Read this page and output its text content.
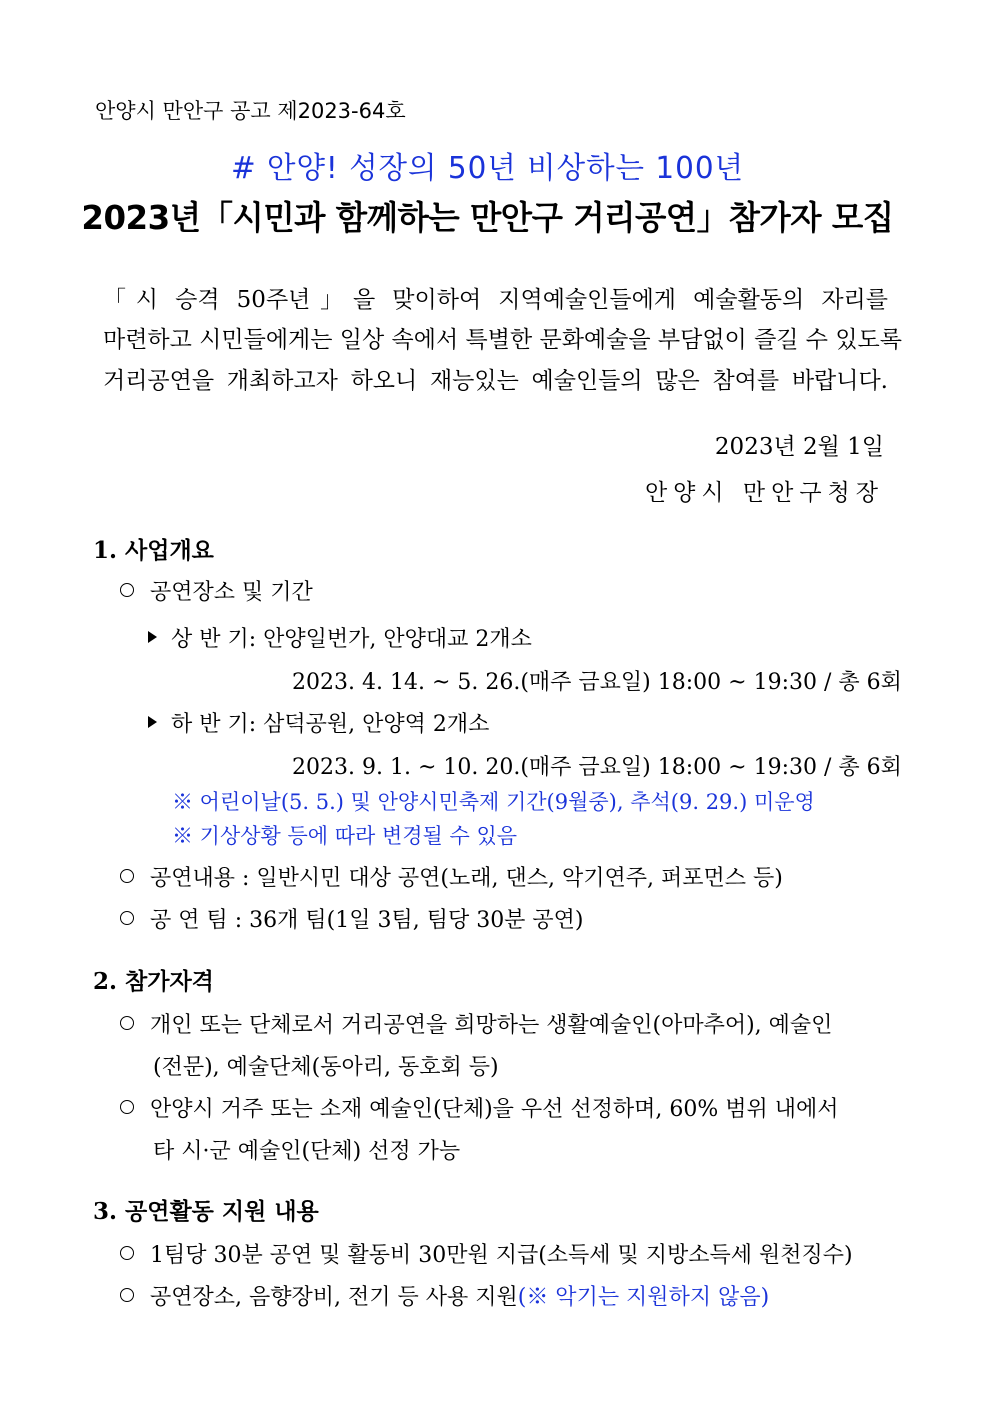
안양시 만안구 공고 제2023-64호
# 안양! 성장의 50년 비상하는 100년
2023년「시민과 함께하는 만안구 거리공연」참가자 모집
「시 승격 50주년」을 맞이하여 지역예술인들에게 예술활동의 자리를
마련하고 시민들에게는 일상 속에서 특별한 문화예술을 부담없이 즐길 수 있도록
거리공연을 개최하고자 하오니 재능있는 예술인들의 많은 참여를 바랍니다.
2023년 2월 1일
안양시 만안구청장
1. 사업개요
공연장소 및 기간
상 반 기: 안양일번가, 안양대교 2개소
2023. 4. 14. ~ 5. 26.(매주 금요일) 18:00 ~ 19:30 / 총 6회
하 반 기: 삼덕공원, 안양역 2개소
2023. 9. 1. ~ 10. 20.(매주 금요일) 18:00 ~ 19:30 / 총 6회
※ 어린이날(5. 5.) 및 안양시민축제 기간(9월중), 추석(9. 29.) 미운영
※ 기상상황 등에 따라 변경될 수 있음
공연내용 : 일반시민 대상 공연(노래, 댄스, 악기연주, 퍼포먼스 등)
공 연 팀 : 36개 팀(1일 3팀, 팀당 30분 공연)
2. 참가자격
개인 또는 단체로서 거리공연을 희망하는 생활예술인(아마추어), 예술인
(전문), 예술단체(동아리, 동호회 등)
안양시 거주 또는 소재 예술인(단체)을 우선 선정하며, 60% 범위 내에서
타 시·군 예술인(단체) 선정 가능
3. 공연활동 지원 내용
1팀당 30분 공연 및 활동비 30만원 지급(소득세 및 지방소득세 원천징수)
공연장소, 음향장비, 전기 등 사용 지원(※ 악기는 지원하지 않음)
